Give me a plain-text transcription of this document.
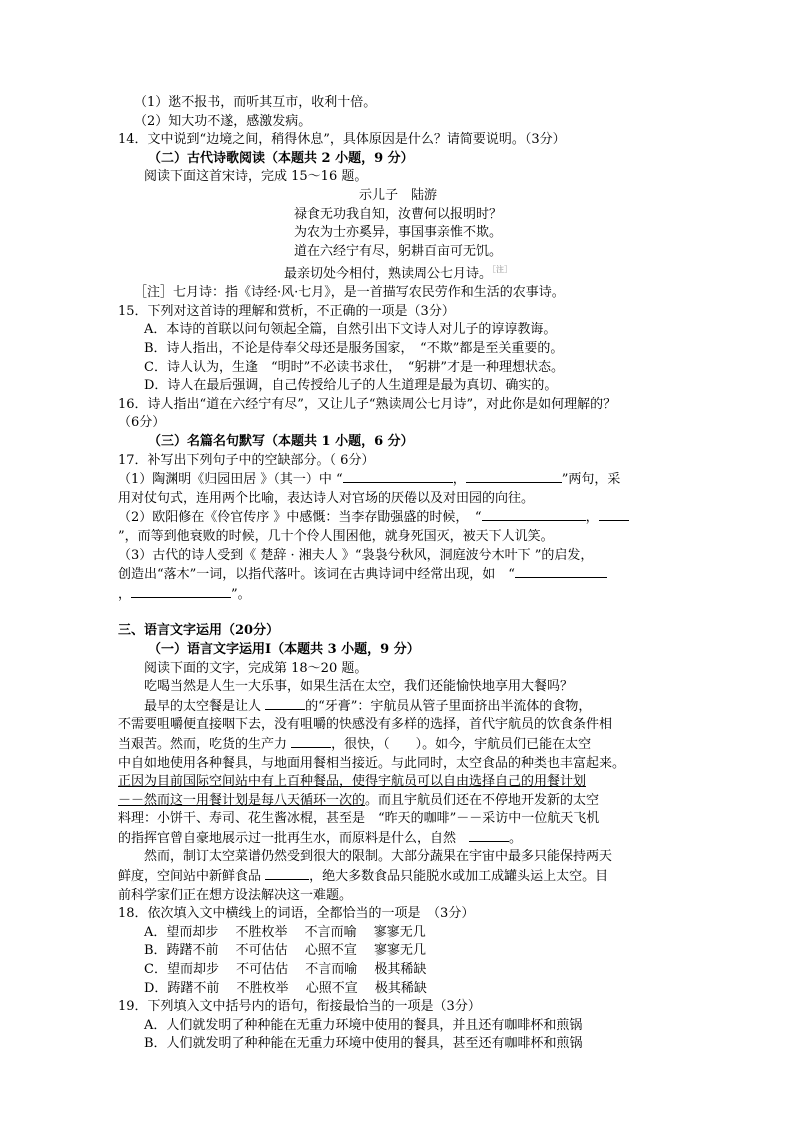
（1）逖不报书，而听其互市，收利十倍。

（2）知大功不遂，感激发病。

14．文中说到“边境之间，稍得休息”，具体原因是什么？请简要说明。（3分）

（二）古代诗歌阅读（本题共 2 小题，9 分）

阅读下面这首宋诗，完成 15～16 题。

示儿子　陆游

禄食无功我自知，汝曹何以报明时？

为农为士亦奚异，事国事亲惟不欺。

道在六经宁有尽，躬耕百亩可无饥。

最亲切处今相付，熟读周公七月诗。$^{[注]}$

［注］七月诗：指《诗经·风·七月》，是一首描写农民劳作和生活的农事诗。

15．下列对这首诗的理解和赏析，不正确的一项是（3分）

A．本诗的首联以问句领起全篇，自然引出下文诗人对儿子的谆谆教诲。

B．诗人指出，不论是侍奉父母还是服务国家，　“不欺”都是至关重要的。

C．诗人认为，生逢　“明时”不必读书求仕，　“躬耕”才是一种理想状态。

D．诗人在最后强调，自己传授给儿子的人生道理是最为真切、确实的。

16．诗人指出“道在六经宁有尽”，又让儿子“熟读周公七月诗”，对此你是如何理解的？

（6分）

（三）名篇名句默写（本题共 1 小题，6 分）

17．补写出下列句子中的空缺部分。（ 6分）

（1）陶渊明《归园田居 》（其一）中 “	，	”两句，采

用对仗句式，连用两个比喻，表达诗人对官场的厌倦以及对田园的向往。

（2）欧阳修在《伶官传序 》中感慨：当李存勖强盛的时候，　“	，

”，而等到他衰败的时候，几十个伶人围困他，就身死国灭，被天下人讥笑。

（3）古代的诗人受到《 楚辞 · 湘夫人 》“袅袅兮秋风，洞庭波兮木叶下 ”的启发，

创造出“落木”一词，以指代落叶。该词在古典诗词中经常出现，如　“

，	”。

三、语言文字运用（20分）

（一）语言文字运用Ⅰ（本题共 3 小题，9 分）

阅读下面的文字，完成第 18～20 题。

吃喝当然是人生一大乐事，如果生活在太空，我们还能愉快地享用大餐吗？

最早的太空餐是让人	的“牙膏”：宇航员从管子里面挤出半流体的食物，

不需要咀嚼便直接咽下去，没有咀嚼的快感没有多样的选择，首代宇航员的饮食条件相

当艰苦。然而，吃货的生产力	，很快，（　　）。如今，宇航员们已能在太空

中自如地使用各种餐具，与地面用餐相当接近。与此同时，太空食品的种类也丰富起来。

正因为目前国际空间站中有上百种餐品，使得宇航员可以自由选择自己的用餐计划

－－然而这一用餐计划是每八天循环一次的。而且宇航员们还在不停地开发新的太空

料理：小饼干、寿司、花生酱冰棍，甚至是　“昨天的咖啡”－－采访中一位航天飞机

的指挥官曾自豪地展示过一批再生水，而原料是什么，自然　	。

然而，制订太空菜谱仍然受到很大的限制。大部分蔬果在宇宙中最多只能保持两天

鲜度，空间站中新鲜食品	，绝大多数食品只能脱水或加工成罐头运上太空。目

前科学家们正在想方设法解决这一难题。

18．依次填入文中横线上的词语，全都恰当的一项是　（3分）

A．望而却步　 不胜枚举 　不言而喻 　寥寥无几

B．踌躇不前 　不可估估 　心照不宣 　寥寥无几

C．望而却步 　不可估估 　不言而喻 　极其稀缺

D．踌躇不前 　不胜枚举 　心照不宣 　极其稀缺

19．下列填入文中括号内的语句，衔接最恰当的一项是（3分）

A．人们就发明了种种能在无重力环境中使用的餐具，并且还有咖啡杯和煎锅

B．人们就发明了种种能在无重力环境中使用的餐具，甚至还有咖啡杯和煎锅
